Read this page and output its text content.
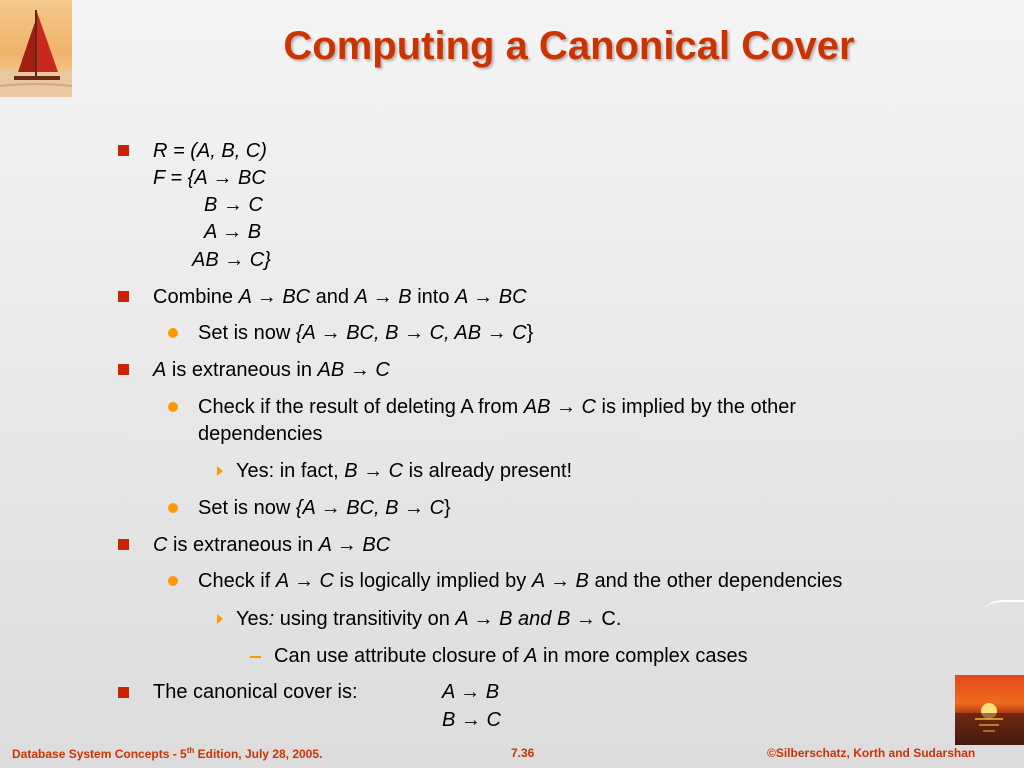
Computing a Canonical Cover
R = (A, B, C)
F = {A → BC
B → C
A → B
AB → C}
Combine A → BC and A → B into A → BC
Set is now {A → BC, B → C, AB → C}
A is extraneous in AB → C
Check if the result of deleting A from AB → C is implied by the other
dependencies
Yes: in fact, B → C is already present!
Set is now {A → BC, B → C}
C is extraneous in A → BC
Check if A → C is logically implied by A → B and the other dependencies
Yes: using transitivity on A → B and B → C.
Can use attribute closure of A in more complex cases
The canonical cover is:	A → B
B → C
Database System Concepts - 5th Edition, July 28, 2005.	7.36	©Silberschatz, Korth and Sudarshan
